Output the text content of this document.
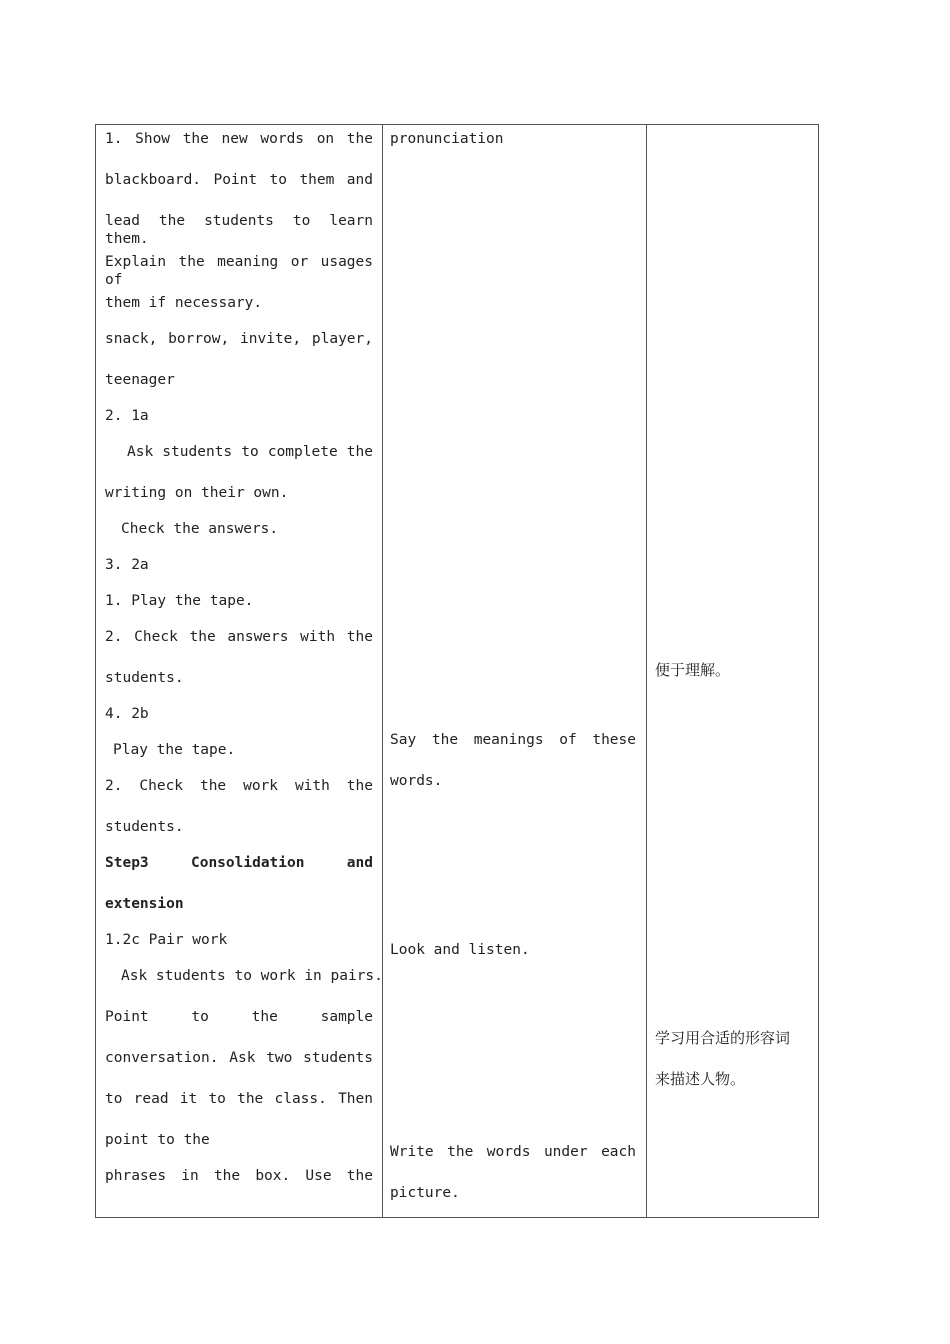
1. Show the new words on the
blackboard. Point to them and
lead the students to learn them.
Explain the meaning or usages of
them if necessary.
snack, borrow, invite, player,
teenager
2. 1a
Ask students to complete the
writing on their own.
Check the answers.
3. 2a
1. Play the tape.
2. Check the answers with the
students.
4. 2b
Play the tape.
2. Check the work with the
students.
Step3 Consolidation and
extension
1.2c Pair work
Ask students to work in pairs.
Point to the sample
conversation. Ask two students
to read it to the class. Then
point to the
phrases in the box. Use the
pronunciation
Say the meanings of these
words.
Look and listen.
Write the words under each
picture.
便于理解。
学习用合适的形容词
来描述人物。
